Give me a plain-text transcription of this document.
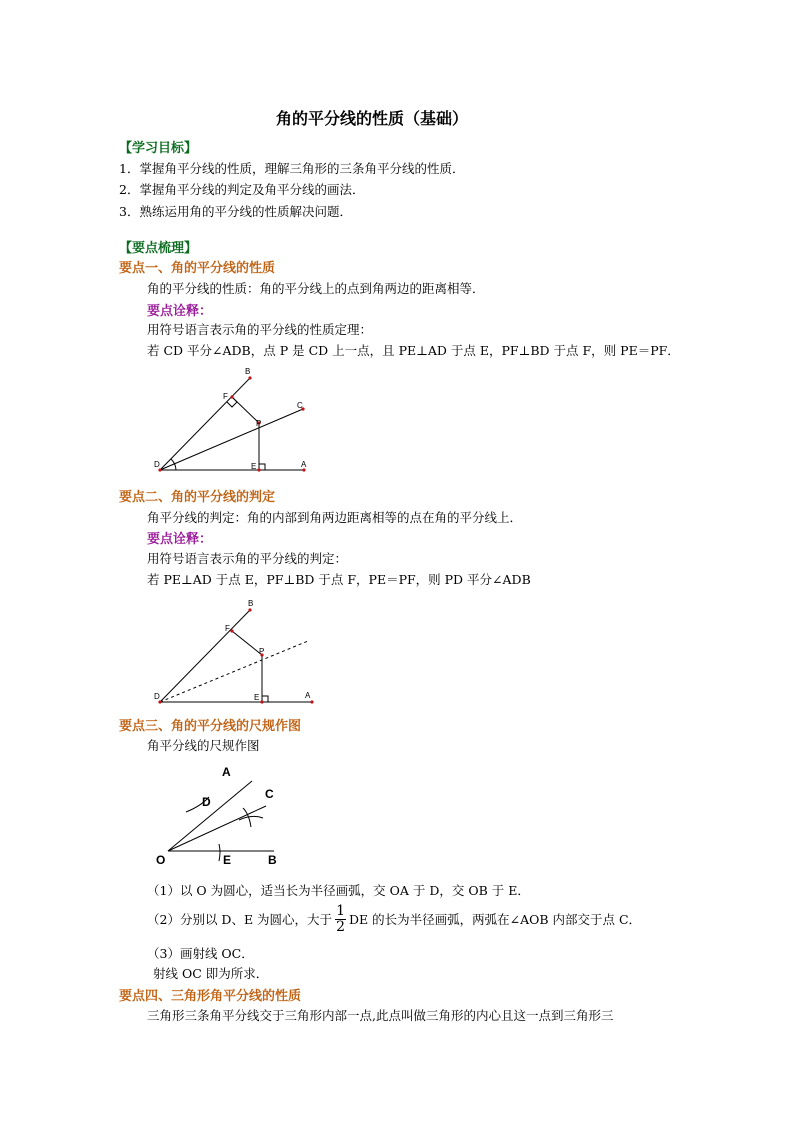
角的平分线的性质（基础）
【学习目标】
1．掌握角平分线的性质，理解三角形的三条角平分线的性质．
2．掌握角平分线的判定及角平分线的画法．
3．熟练运用角的平分线的性质解决问题．
【要点梳理】
要点一、角的平分线的性质
角的平分线的性质：角的平分线上的点到角两边的距离相等．
要点诠释：
用符号语言表示角的平分线的性质定理：
若 CD 平分∠ADB，点 P 是 CD 上一点，且 PE⊥AD 于点 E，PF⊥BD 于点 F，则 PE＝PF．
B
F
C
P
D	E	A
B
F
P
D	E	A
A
D
C
O	E	B
要点二、角的平分线的判定
角平分线的判定：角的内部到角两边距离相等的点在角的平分线上．
要点诠释：
用符号语言表示角的平分线的判定：
若 PE⊥AD 于点 E，PF⊥BD 于点 F，PE＝PF，则 PD 平分∠ADB
要点三、角的平分线的尺规作图
角平分线的尺规作图
（1）以 O 为圆心，适当长为半径画弧，交 OA 于 D，交 OB 于 E．
（2）分别以 D、E 为圆心，大于 $\frac{1}{2}$ DE 的长为半径画弧，两弧在∠AOB 内部交于点 C．
（3）画射线 OC．
射线 OC 即为所求．
要点四、三角形角平分线的性质
三角形三条角平分线交于三角形内部一点,此点叫做三角形的内心且这一点到三角形三
